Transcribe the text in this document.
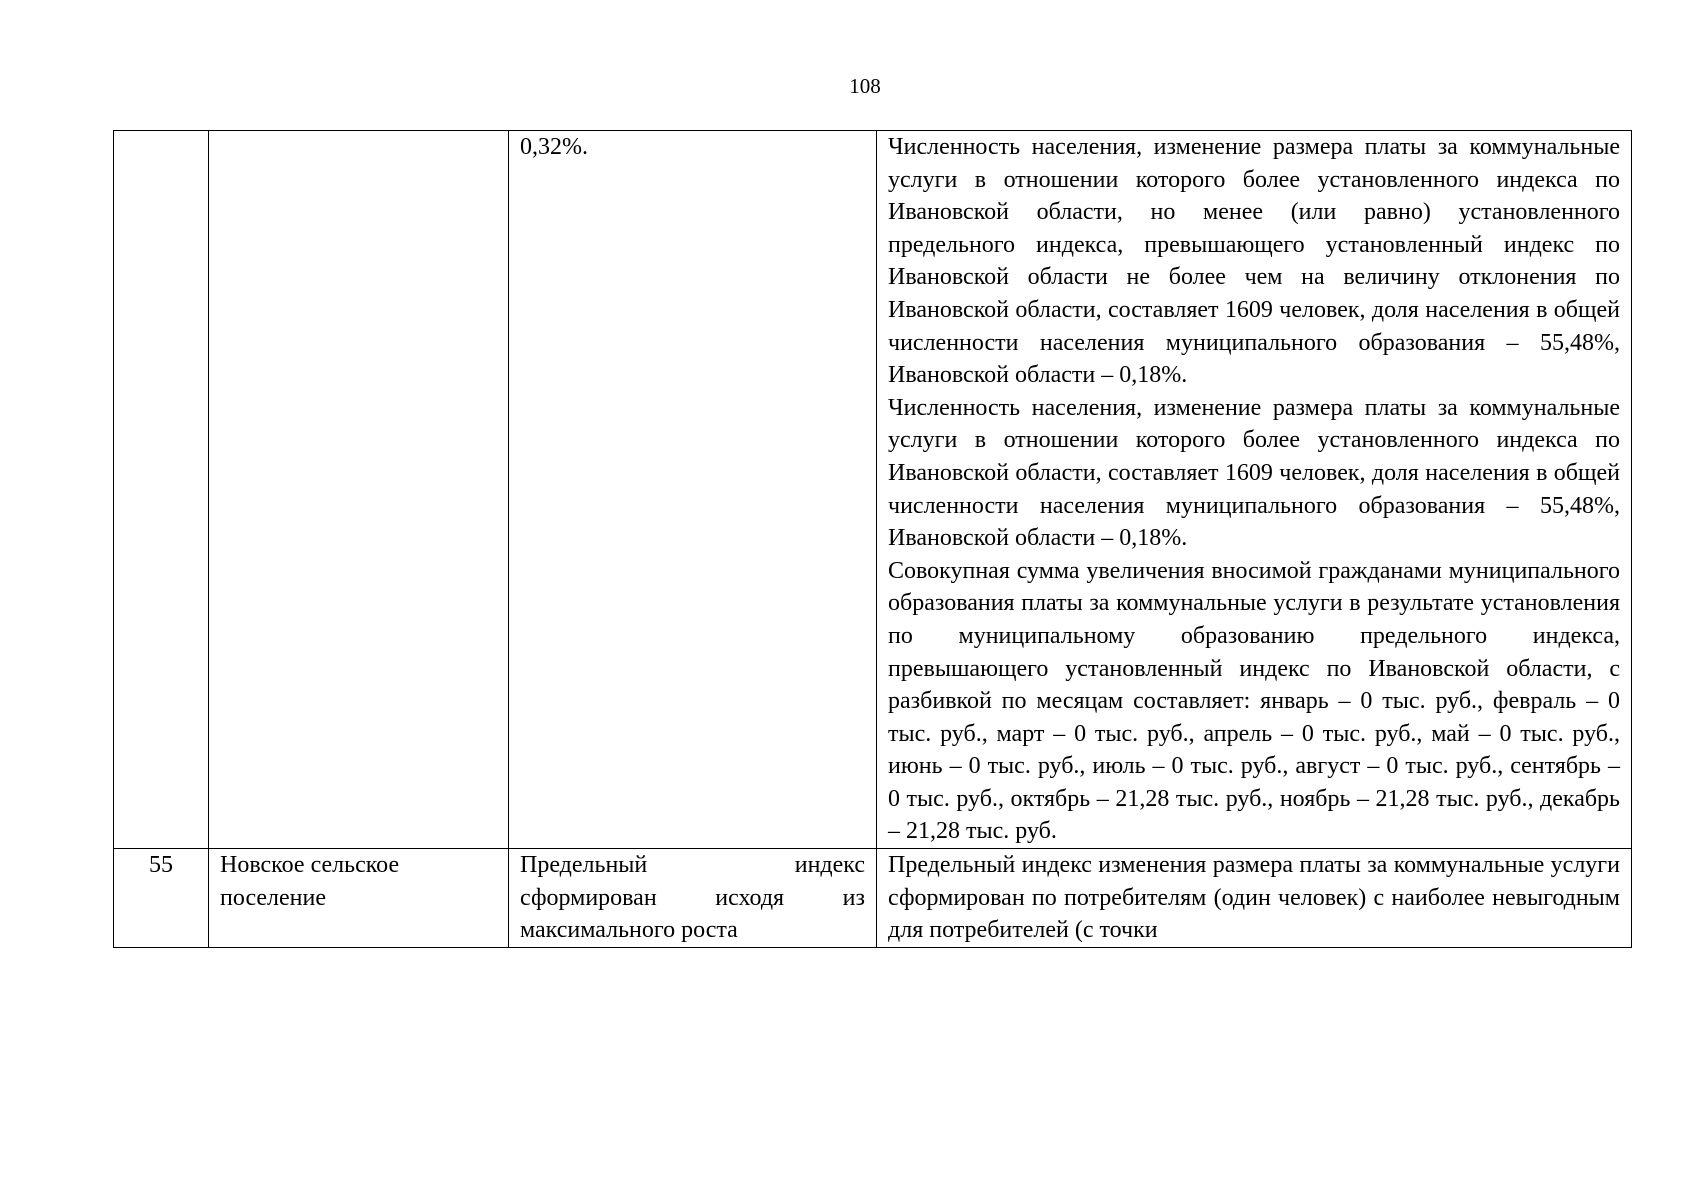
108
		0,32%.	Численность населения, изменение размера платы за коммунальные услуги в отношении которого более установленного индекса по Ивановской области, но менее (или равно) установленного предельного индекса, превышающего установленный индекс по Ивановской области не более чем на величину отклонения по Ивановской области, составляет 1609 человек, доля населения в общей численности населения муниципального образования – 55,48%, Ивановской области – 0,18%.

Численность населения, изменение размера платы за коммунальные услуги в отношении которого более установленного индекса по Ивановской области, составляет 1609 человек, доля населения в общей численности населения муниципального образования – 55,48%, Ивановской области – 0,18%.

Совокупная сумма увеличения вносимой гражданами муниципального образования платы за коммунальные услуги в результате установления по муниципальному образованию предельного индекса, превышающего установленный индекс по Ивановской области, с разбивкой по месяцам составляет: январь – 0 тыс. руб., февраль – 0 тыс. руб., март – 0 тыс. руб., апрель – 0 тыс. руб., май – 0 тыс. руб., июнь – 0 тыс. руб., июль – 0 тыс. руб., август – 0 тыс. руб., сентябрь – 0 тыс. руб., октябрь – 21,28 тыс. руб., ноябрь – 21,28 тыс. руб., декабрь – 21,28 тыс. руб.

55	Новское сельское поселение	Предельный индекс сформирован исходя из максимального роста	Предельный индекс изменения размера платы за коммунальные услуги сформирован по потребителям (один человек) с наиболее невыгодным для потребителей (с точки
